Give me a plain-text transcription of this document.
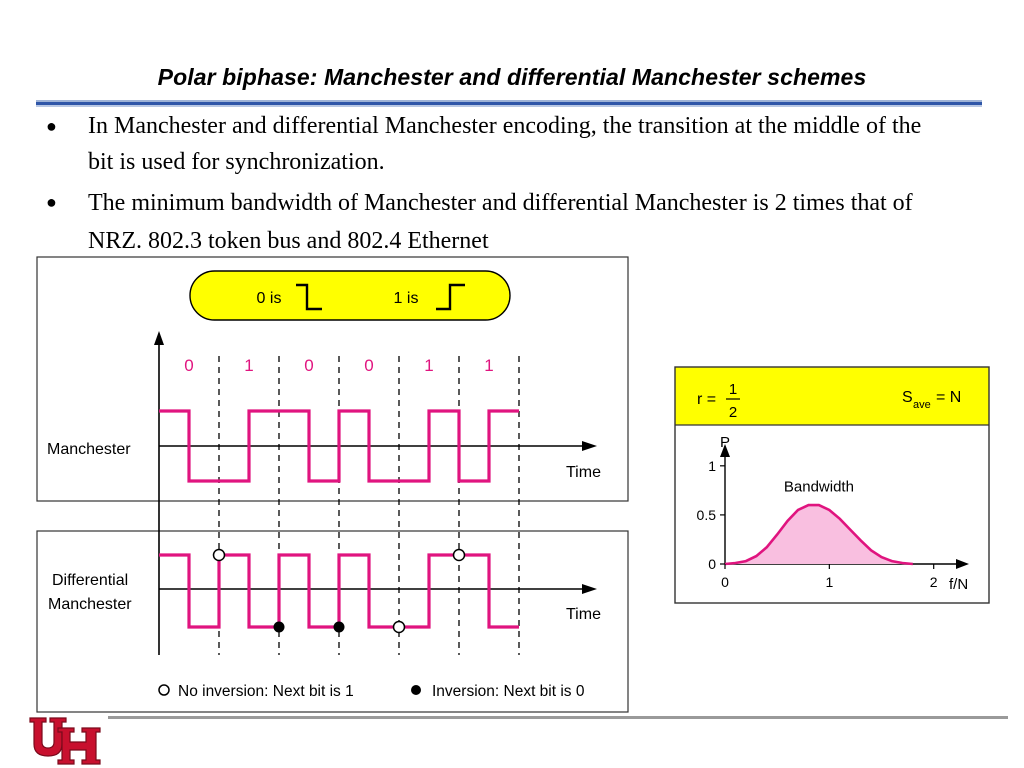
Polar biphase: Manchester and differential Manchester schemes
●	In Manchester and differential Manchester encoding, the transition at the middle of the bit is used for synchronization.
●	The minimum bandwidth of Manchester and differential Manchester is 2 times that of NRZ. 802.3 token bus and 802.4 Ethernet
0 is	1 is
0	1	0	0	1	1
Manchester
Time
Differential
Manchester
Time
No inversion: Next bit is 1	Inversion: Next bit is 0
r =
1
2
S ave = N
0	1	2
0
0.5
1
P
f/N
Bandwidth
